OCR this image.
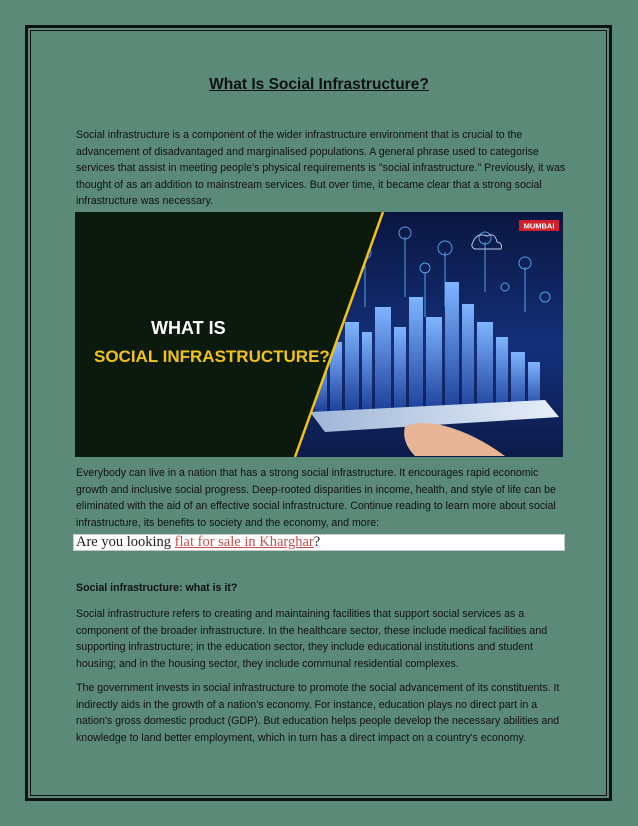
What Is Social Infrastructure?

Social infrastructure is a component of the wider infrastructure environment that is crucial to the advancement of disadvantaged and marginalised populations. A general phrase used to categorise services that assist in meeting people's physical requirements is "social infrastructure." Previously, it was thought of as an addition to mainstream services. But over time, it became clear that a strong social infrastructure was necessary.

WHAT IS
SOCIAL INFRASTRUCTURE?
MUMBAI

Everybody can live in a nation that has a strong social infrastructure. It encourages rapid economic growth and inclusive social progress. Deep-rooted disparities in income, health, and style of life can be eliminated with the aid of an effective social infrastructure. Continue reading to learn more about social infrastructure, its benefits to society and the economy, and more:

Are you looking flat for sale in Kharghar?
Social infrastructure: what is it?

Social infrastructure refers to creating and maintaining facilities that support social services as a component of the broader infrastructure. In the healthcare sector, these include medical facilities and supporting infrastructure; in the education sector, they include educational institutions and student housing; and in the housing sector, they include communal residential complexes.

The government invests in social infrastructure to promote the social advancement of its constituents. It indirectly aids in the growth of a nation's economy. For instance, education plays no direct part in a nation's gross domestic product (GDP). But education helps people develop the necessary abilities and knowledge to land better employment, which in turn has a direct impact on a country's economy.
